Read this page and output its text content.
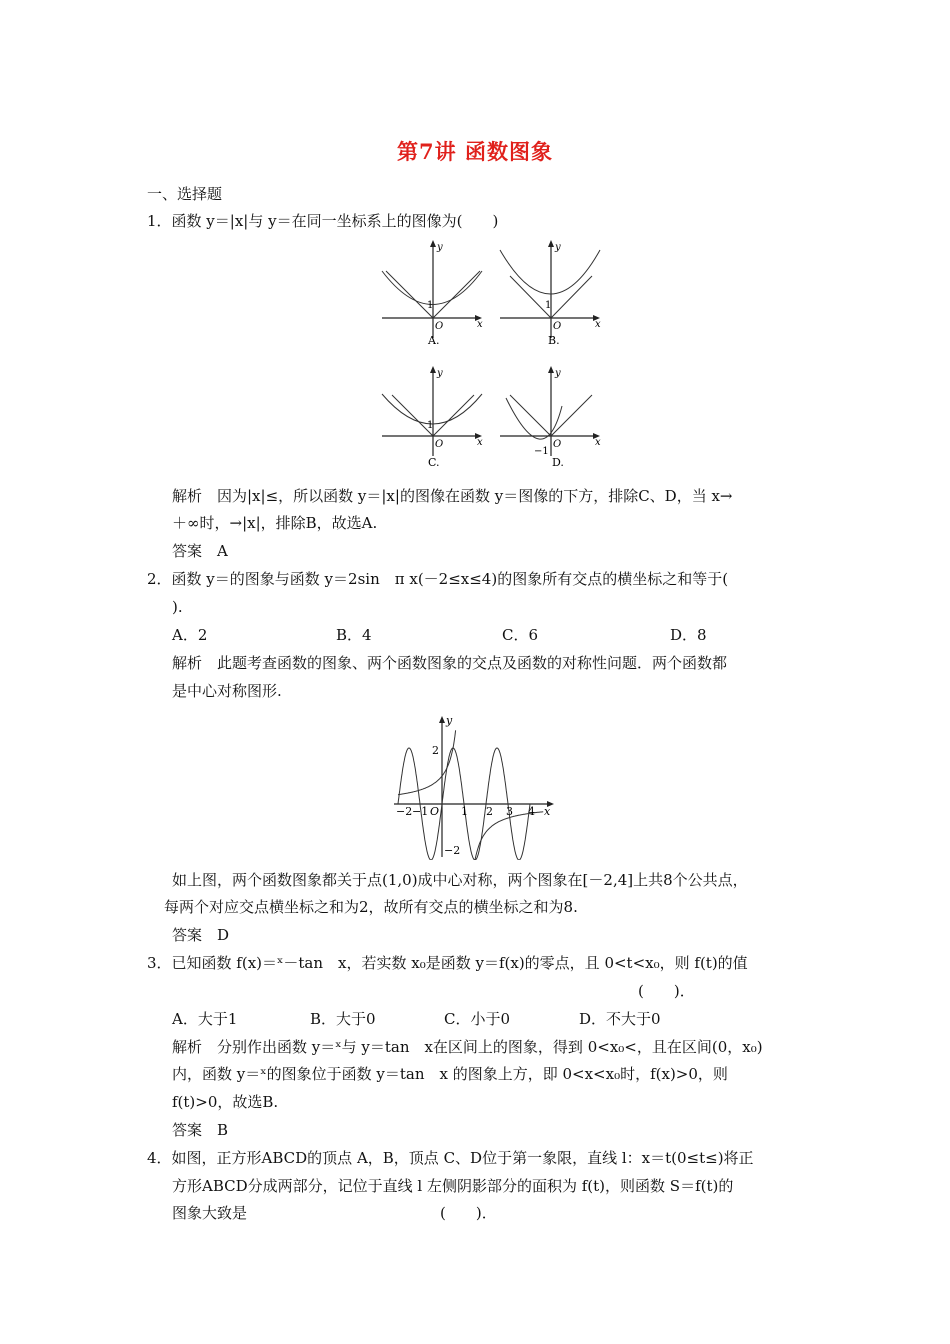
第7讲 函数图象
一、选择题
1．函数 y＝|x|与 y＝在同一坐标系上的图像为(　　)
y
x
O
1
A.
y
x
O
1
B.
y
x
O
1
C.
y
x
O
−1
D.
解析　因为|x|≤，所以函数 y＝|x|的图像在函数 y＝图像的下方，排除C、D，当 x→
＋∞时，→|x|，排除B，故选A.
答案　A
2．函数 y＝的图象与函数 y＝2sin　π x(－2≤x≤4)的图象所有交点的横坐标之和等于(
).
A．2	B．4	C．6	D．8
解析　此题考查函数的图象、两个函数图象的交点及函数的对称性问题．两个函数都
是中心对称图形.
y
x
O
2
−2
−2 −1	1 2 3 4
如上图，两个函数图象都关于点(1,0)成中心对称，两个图象在[－2,4]上共8个公共点，
每两个对应交点横坐标之和为2，故所有交点的横坐标之和为8.
答案　D
3．已知函数 f(x)＝ˣ－tan　x，若实数 x₀是函数 y＝f(x)的零点，且 0<t<x₀，则 f(t)的值
(　　)．
A．大于1	B．大于0	C．小于0	D．不大于0
解析　分别作出函数 y＝ˣ与 y＝tan　x在区间上的图象，得到 0<x₀<，且在区间(0，x₀)
内，函数 y＝ˣ的图象位于函数 y＝tan　x 的图象上方，即 0<x<x₀时，f(x)>0，则
f(t)>0，故选B.
答案　B
4．如图，正方形ABCD的顶点 A，B，顶点 C、D位于第一象限，直线 l：x＝t(0≤t≤)将正
方形ABCD分成两部分，记位于直线 l 左侧阴影部分的面积为 f(t)，则函数 S＝f(t)的
图象大致是	(　　)．
